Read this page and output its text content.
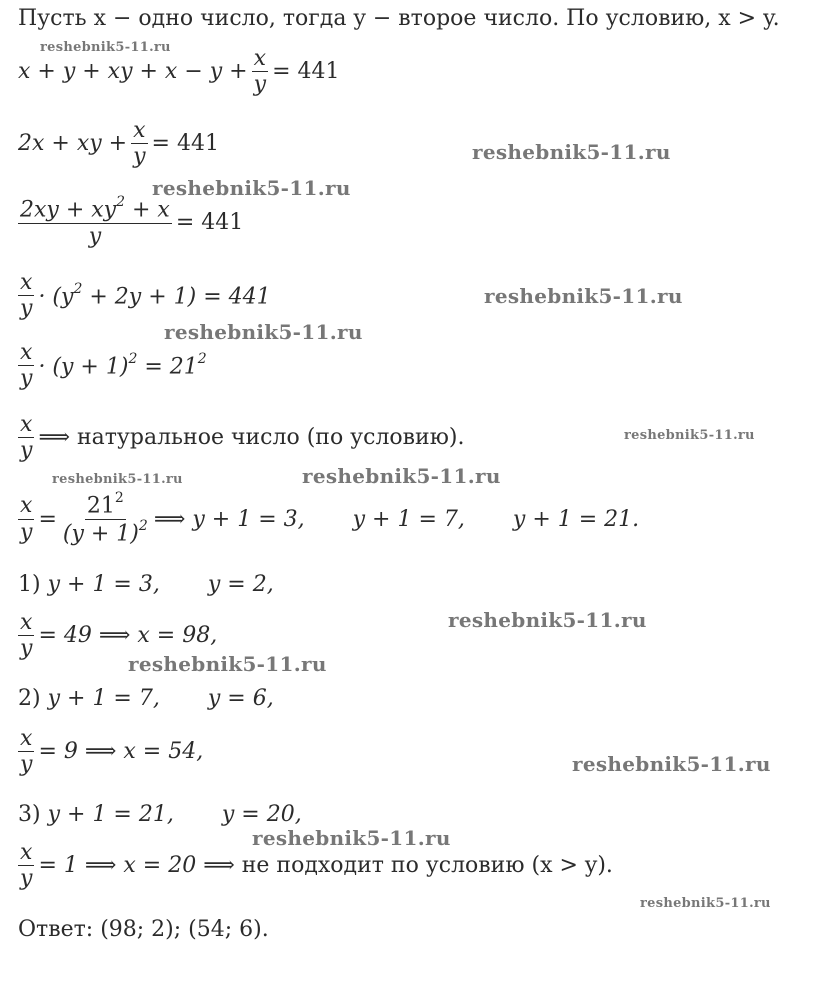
Пусть x − одно число, тогда y − второе число. По условию, x > y.
x + y + xy + $x - y + \frac{x}{y} = 441$
2x + xy + $\frac{x}{y} = 441$
$\frac{2xy + xy^2 + x}{y} = 441$
$\frac{x}{y} \cdot (y^2 + 2y + 1) = 441$
$\frac{x}{y} \cdot (y + 1)^2 = 21^2$
$\frac{x}{y}$ ⟹ натуральное число (по условию).
$\frac{x}{y} = \frac{21^2}{(y + 1)^2}$ ⟹ y + 1 = 3, y + 1 = 7, y + 1 = 21.
1)
y + 1 = 3, y = 2,
$\frac{x}{y} = 49$ ⟹ x = 98,
2)
y + 1 = 7, y = 6,
$\frac{x}{y} = 9$ ⟹ x = 54,
3)
y + 1 = 21, y = 20,
$\frac{x}{y} = 1$ ⟹ x = 20 ⟹
не подходит по условию (x > y).
Ответ: (98; 2); (54; 6).
reshebnik5-11.ru
reshebnik5-11.ru
reshebnik5-11.ru
reshebnik5-11.ru
reshebnik5-11.ru
reshebnik5-11.ru
reshebnik5-11.ru	reshebnik5-11.ru
reshebnik5-11.ru
reshebnik5-11.ru
reshebnik5-11.ru
reshebnik5-11.ru
reshebnik5-11.ru
